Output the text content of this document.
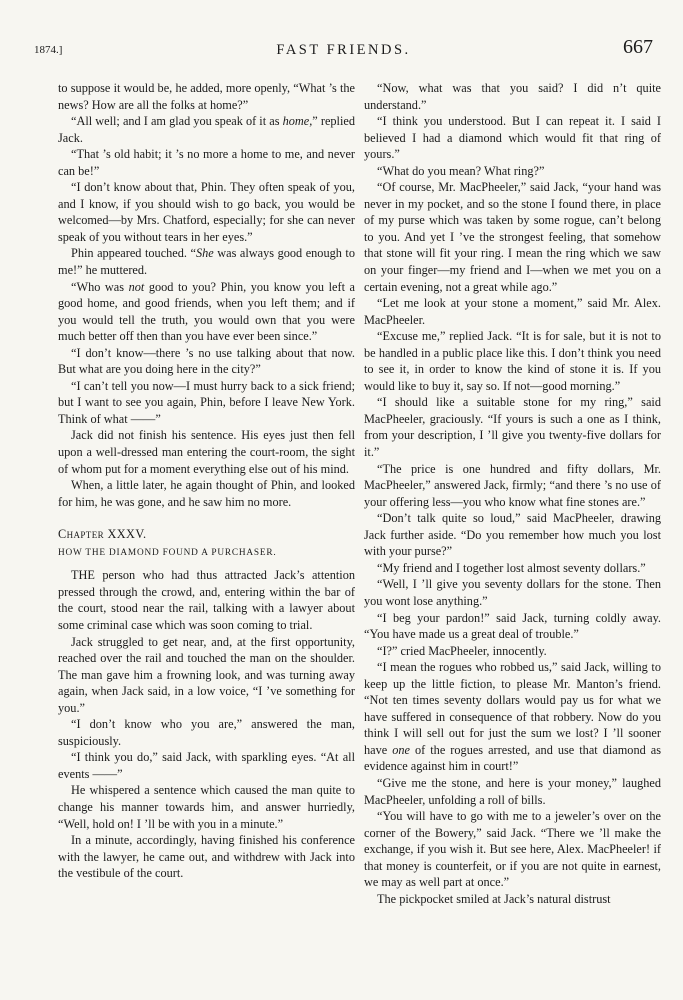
1874.]	FAST FRIENDS.	667

to suppose it would be, he added, more openly, “What ’s the news? How are all the folks at home?”

“All well; and I am glad you speak of it as home,” replied Jack.

“That ’s old habit; it ’s no more a home to me, and never can be!”

“I don’t know about that, Phin. They often speak of you, and I know, if you should wish to go back, you would be welcomed—by Mrs. Chatford, especially; for she can never speak of you without tears in her eyes.”

Phin appeared touched. “She was always good enough to me!” he muttered.

“Who was not good to you? Phin, you know you left a good home, and good friends, when you left them; and if you would tell the truth, you would own that you were much better off then than you have ever been since.”

“I don’t know—there ’s no use talking about that now. But what are you doing here in the city?”

“I can’t tell you now—I must hurry back to a sick friend; but I want to see you again, Phin, before I leave New York. Think of what ——”

Jack did not finish his sentence. His eyes just then fell upon a well-dressed man entering the court-room, the sight of whom put for a moment everything else out of his mind.

When, a little later, he again thought of Phin, and looked for him, he was gone, and he saw him no more.

Chapter XXXV.

HOW THE DIAMOND FOUND A PURCHASER.

THE person who had thus attracted Jack’s attention pressed through the crowd, and, entering within the bar of the court, stood near the rail, talking with a lawyer about some criminal case which was soon coming to trial.

Jack struggled to get near, and, at the first opportunity, reached over the rail and touched the man on the shoulder. The man gave him a frowning look, and was turning away again, when Jack said, in a low voice, “I ’ve something for you.”

“I don’t know who you are,” answered the man, suspiciously.

“I think you do,” said Jack, with sparkling eyes. “At all events ——”

He whispered a sentence which caused the man quite to change his manner towards him, and answer hurriedly, “Well, hold on! I ’ll be with you in a minute.”

In a minute, accordingly, having finished his conference with the lawyer, he came out, and withdrew with Jack into the vestibule of the court.

“Now, what was that you said? I did n’t quite understand.”

“I think you understood. But I can repeat it. I said I believed I had a diamond which would fit that ring of yours.”

“What do you mean? What ring?”

“Of course, Mr. MacPheeler,” said Jack, “your hand was never in my pocket, and so the stone I found there, in place of my purse which was taken by some rogue, can’t belong to you. And yet I ’ve the strongest feeling, that somehow that stone will fit your ring. I mean the ring which we saw on your finger—my friend and I—when we met you on a certain evening, not a great while ago.”

“Let me look at your stone a moment,” said Mr. Alex. MacPheeler.

“Excuse me,” replied Jack. “It is for sale, but it is not to be handled in a public place like this. I don’t think you need to see it, in order to know the kind of stone it is. If you would like to buy it, say so. If not—good morning.”

“I should like a suitable stone for my ring,” said MacPheeler, graciously. “If yours is such a one as I think, from your description, I ’ll give you twenty-five dollars for it.”

“The price is one hundred and fifty dollars, Mr. MacPheeler,” answered Jack, firmly; “and there ’s no use of your offering less—you who know what fine stones are.”

“Don’t talk quite so loud,” said MacPheeler, drawing Jack further aside. “Do you remember how much you lost with your purse?”

“My friend and I together lost almost seventy dollars.”

“Well, I ’ll give you seventy dollars for the stone. Then you wont lose anything.”

“I beg your pardon!” said Jack, turning coldly away. “You have made us a great deal of trouble.”

“I?” cried MacPheeler, innocently.

“I mean the rogues who robbed us,” said Jack, willing to keep up the little fiction, to please Mr. Manton’s friend. “Not ten times seventy dollars would pay us for what we have suffered in consequence of that robbery. Now do you think I will sell out for just the sum we lost? I ’ll sooner have one of the rogues arrested, and use that diamond as evidence against him in court!”

“Give me the stone, and here is your money,” laughed MacPheeler, unfolding a roll of bills.

“You will have to go with me to a jeweler’s over on the corner of the Bowery,” said Jack. “There we ’ll make the exchange, if you wish it. But see here, Alex. MacPheeler! if that money is counterfeit, or if you are not quite in earnest, we may as well part at once.”

The pickpocket smiled at Jack’s natural distrust
